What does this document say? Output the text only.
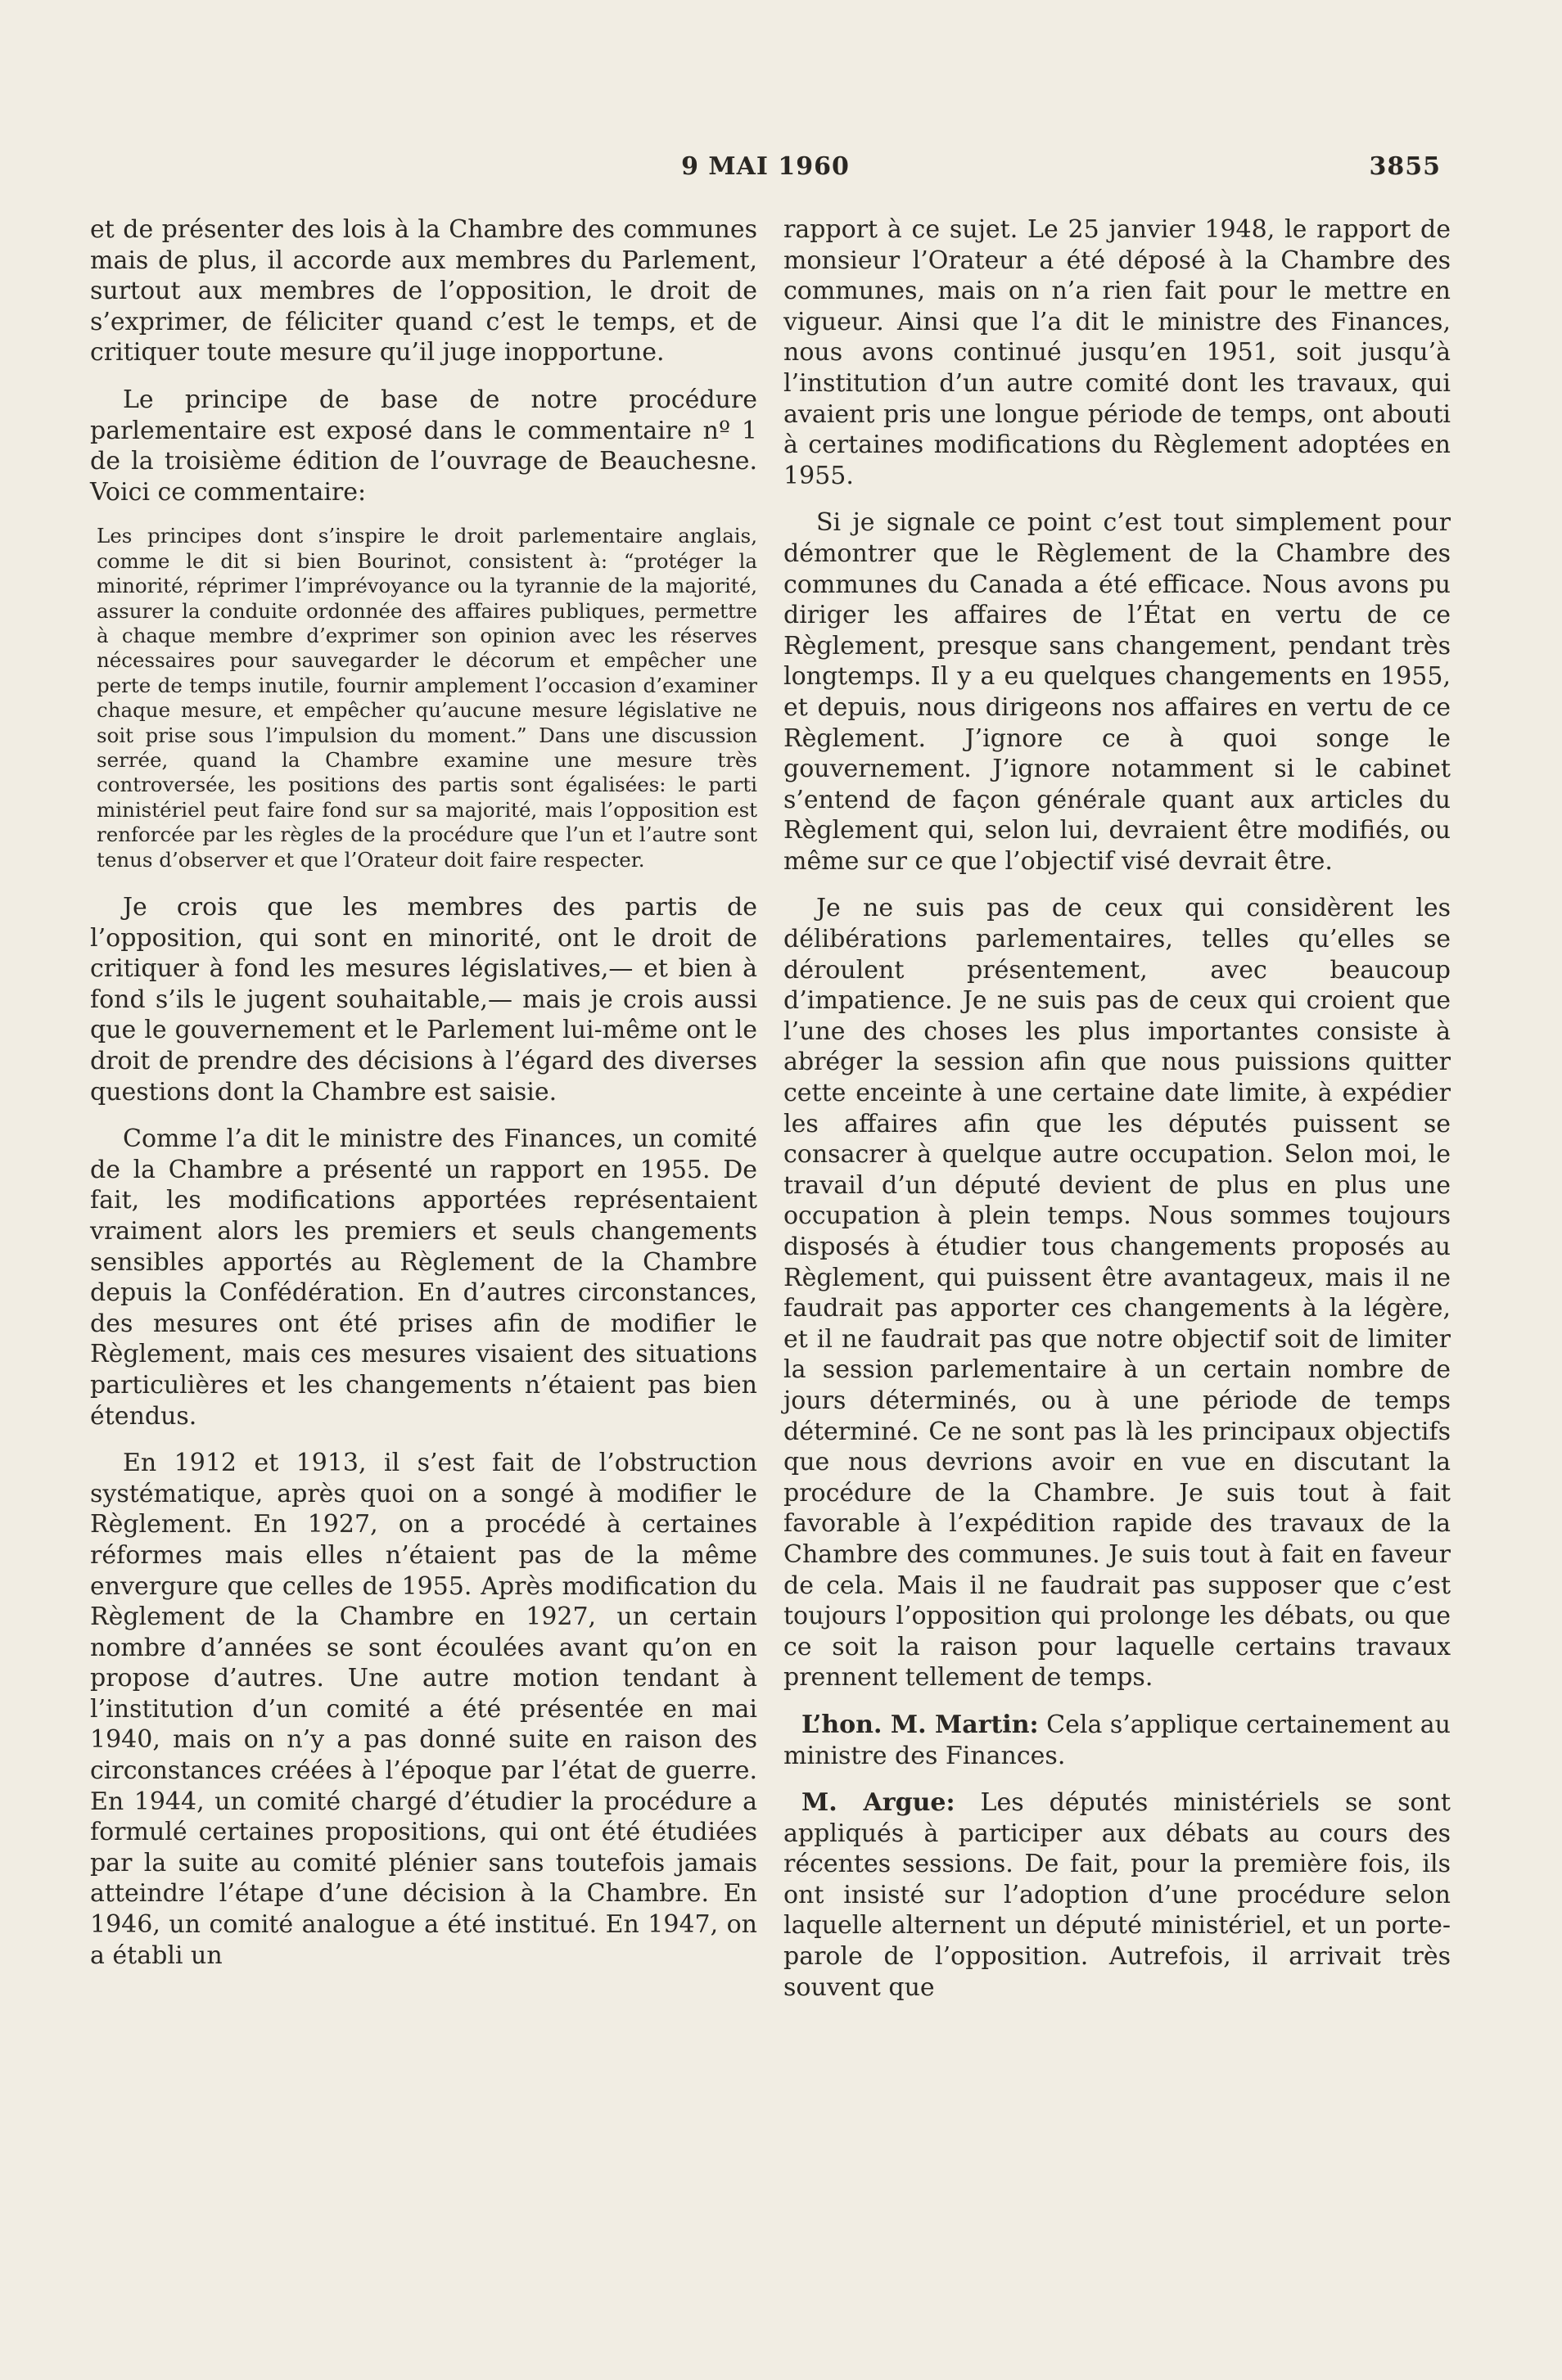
9 MAI 1960	3855

et de présenter des lois à la Chambre des communes mais de plus, il accorde aux membres du Parlement, surtout aux membres de l’opposition, le droit de s’exprimer, de féliciter quand c’est le temps, et de critiquer toute mesure qu’il juge inopportune.

Le principe de base de notre procédure parlementaire est exposé dans le commentaire nº 1 de la troisième édition de l’ouvrage de Beauchesne. Voici ce commentaire:

Les principes dont s’inspire le droit parlementaire anglais, comme le dit si bien Bourinot, consistent à: “protéger la minorité, réprimer l’imprévoyance ou la tyrannie de la majorité, assurer la conduite ordonnée des affaires publiques, permettre à chaque membre d’exprimer son opinion avec les réserves nécessaires pour sauvegarder le décorum et empêcher une perte de temps inutile, fournir amplement l’occasion d’examiner chaque mesure, et empêcher qu’aucune mesure législative ne soit prise sous l’impulsion du moment.” Dans une discussion serrée, quand la Chambre examine une mesure très controversée, les positions des partis sont égalisées: le parti ministériel peut faire fond sur sa majorité, mais l’opposition est renforcée par les règles de la procédure que l’un et l’autre sont tenus d’observer et que l’Orateur doit faire respecter.

Je crois que les membres des partis de l’opposition, qui sont en minorité, ont le droit de critiquer à fond les mesures législatives,— et bien à fond s’ils le jugent souhaitable,— mais je crois aussi que le gouvernement et le Parlement lui-même ont le droit de prendre des décisions à l’égard des diverses questions dont la Chambre est saisie.

Comme l’a dit le ministre des Finances, un comité de la Chambre a présenté un rapport en 1955. De fait, les modifications apportées représentaient vraiment alors les premiers et seuls changements sensibles apportés au Règlement de la Chambre depuis la Confédération. En d’autres circonstances, des mesures ont été prises afin de modifier le Règlement, mais ces mesures visaient des situations particulières et les changements n’étaient pas bien étendus.

En 1912 et 1913, il s’est fait de l’obstruction systématique, après quoi on a songé à modifier le Règlement. En 1927, on a procédé à certaines réformes mais elles n’étaient pas de la même envergure que celles de 1955. Après modification du Règlement de la Chambre en 1927, un certain nombre d’années se sont écoulées avant qu’on en propose d’autres. Une autre motion tendant à l’institution d’un comité a été présentée en mai 1940, mais on n’y a pas donné suite en raison des circonstances créées à l’époque par l’état de guerre. En 1944, un comité chargé d’étudier la procédure a formulé certaines propositions, qui ont été étudiées par la suite au comité plénier sans toutefois jamais atteindre l’étape d’une décision à la Chambre. En 1946, un comité analogue a été institué. En 1947, on a établi un

rapport à ce sujet. Le 25 janvier 1948, le rapport de monsieur l’Orateur a été déposé à la Chambre des communes, mais on n’a rien fait pour le mettre en vigueur. Ainsi que l’a dit le ministre des Finances, nous avons continué jusqu’en 1951, soit jusqu’à l’institution d’un autre comité dont les travaux, qui avaient pris une longue période de temps, ont abouti à certaines modifications du Règlement adoptées en 1955.

Si je signale ce point c’est tout simplement pour démontrer que le Règlement de la Chambre des communes du Canada a été efficace. Nous avons pu diriger les affaires de l’État en vertu de ce Règlement, presque sans changement, pendant très longtemps. Il y a eu quelques changements en 1955, et depuis, nous dirigeons nos affaires en vertu de ce Règlement. J’ignore ce à quoi songe le gouvernement. J’ignore notamment si le cabinet s’entend de façon générale quant aux articles du Règlement qui, selon lui, devraient être modifiés, ou même sur ce que l’objectif visé devrait être.

Je ne suis pas de ceux qui considèrent les délibérations parlementaires, telles qu’elles se déroulent présentement, avec beaucoup d’impatience. Je ne suis pas de ceux qui croient que l’une des choses les plus importantes consiste à abréger la session afin que nous puissions quitter cette enceinte à une certaine date limite, à expédier les affaires afin que les députés puissent se consacrer à quelque autre occupation. Selon moi, le travail d’un député devient de plus en plus une occupation à plein temps. Nous sommes toujours disposés à étudier tous changements proposés au Règlement, qui puissent être avantageux, mais il ne faudrait pas apporter ces changements à la légère, et il ne faudrait pas que notre objectif soit de limiter la session parlementaire à un certain nombre de jours déterminés, ou à une période de temps déterminé. Ce ne sont pas là les principaux objectifs que nous devrions avoir en vue en discutant la procédure de la Chambre. Je suis tout à fait favorable à l’expédition rapide des travaux de la Chambre des communes. Je suis tout à fait en faveur de cela. Mais il ne faudrait pas supposer que c’est toujours l’opposition qui prolonge les débats, ou que ce soit la raison pour laquelle certains travaux prennent tellement de temps.

L’hon. M. Martin: Cela s’applique certainement au ministre des Finances.

M. Argue: Les députés ministériels se sont appliqués à participer aux débats au cours des récentes sessions. De fait, pour la première fois, ils ont insisté sur l’adoption d’une procédure selon laquelle alternent un député ministériel, et un porte-parole de l’opposition. Autrefois, il arrivait très souvent que
